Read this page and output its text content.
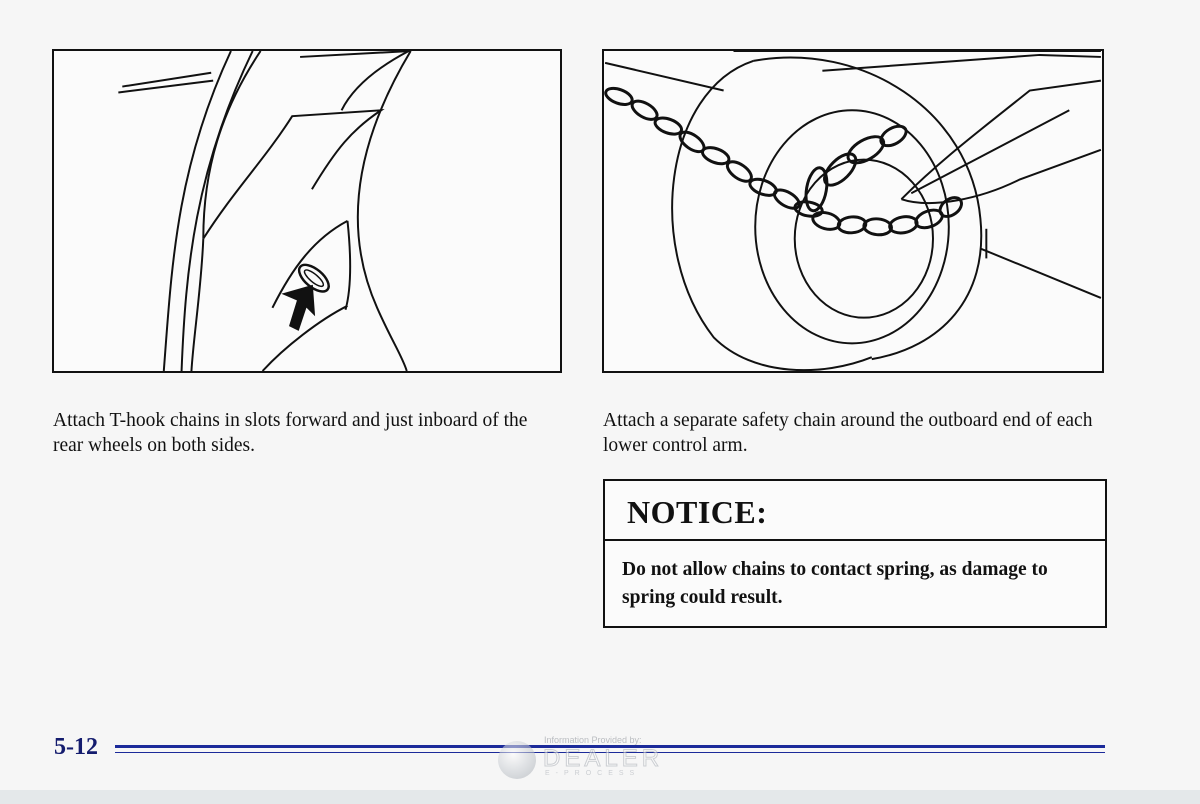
Attach T-hook chains in slots forward and just inboard of the rear wheels on both sides.

Attach a separate safety chain around the outboard end of each lower control arm.

NOTICE:
Do not allow chains to contact spring, as damage to spring could result.
5-12	Information Provided by:
DEALER
E-PROCESS
